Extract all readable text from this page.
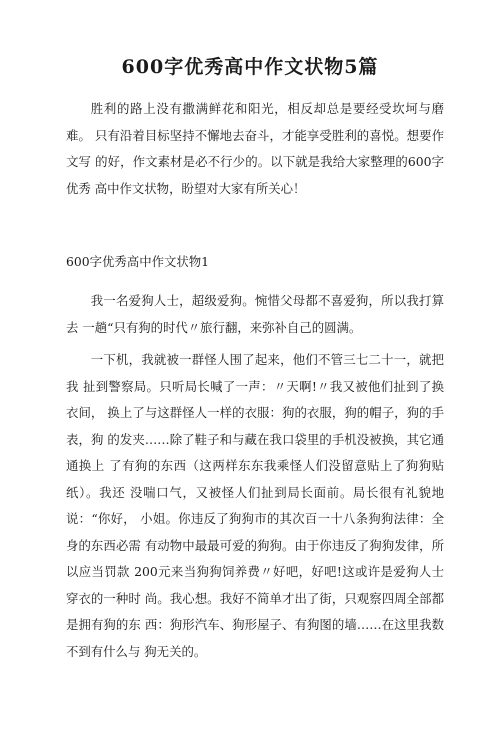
600字优秀高中作文状物5篇

胜利的路上没有撒满鲜花和阳光，相反却总是要经受坎坷与磨难。 只有沿着目标坚持不懈地去奋斗，才能享受胜利的喜悦。想要作文写 的好，作文素材是必不行少的。以下就是我给大家整理的600字优秀 高中作文状物，盼望对大家有所关心！

600字优秀高中作文状物1

我一名爱狗人士，超级爱狗。惋惜父母都不喜爱狗，所以我打算去 一趟“只有狗的时代〃旅行翻，来弥补自己的圆满。

一下机，我就被一群怪人围了起来，他们不管三七二十一，就把我 扯到警察局。只听局长喊了一声：〃天啊!〃我又被他们扯到了换衣间， 换上了与这群怪人一样的衣服：狗的衣服，狗的帽子，狗的手表，狗 的发夹……除了鞋子和与藏在我口袋里的手机没被换，其它通通换上 了有狗的东西（这两样东东我乘怪人们没留意贴上了狗狗贴纸）。我还 没喘口气，又被怪人们扯到局长面前。局长很有礼貌地说：“你好， 小姐。你违反了狗狗市的其次百一十八条狗狗法律：全身的东西必需 有动物中最最可爱的狗狗。由于你违反了狗狗发律，所以应当罚款 200元来当狗狗饲养费〃好吧，好吧!这或许是爱狗人士穿衣的一种时 尚。我心想。我好不简单才出了街，只观察四周全部都是拥有狗的东 西：狗形汽车、狗形屋子、有狗图的墙……在这里我数不到有什么与 狗无关的。
